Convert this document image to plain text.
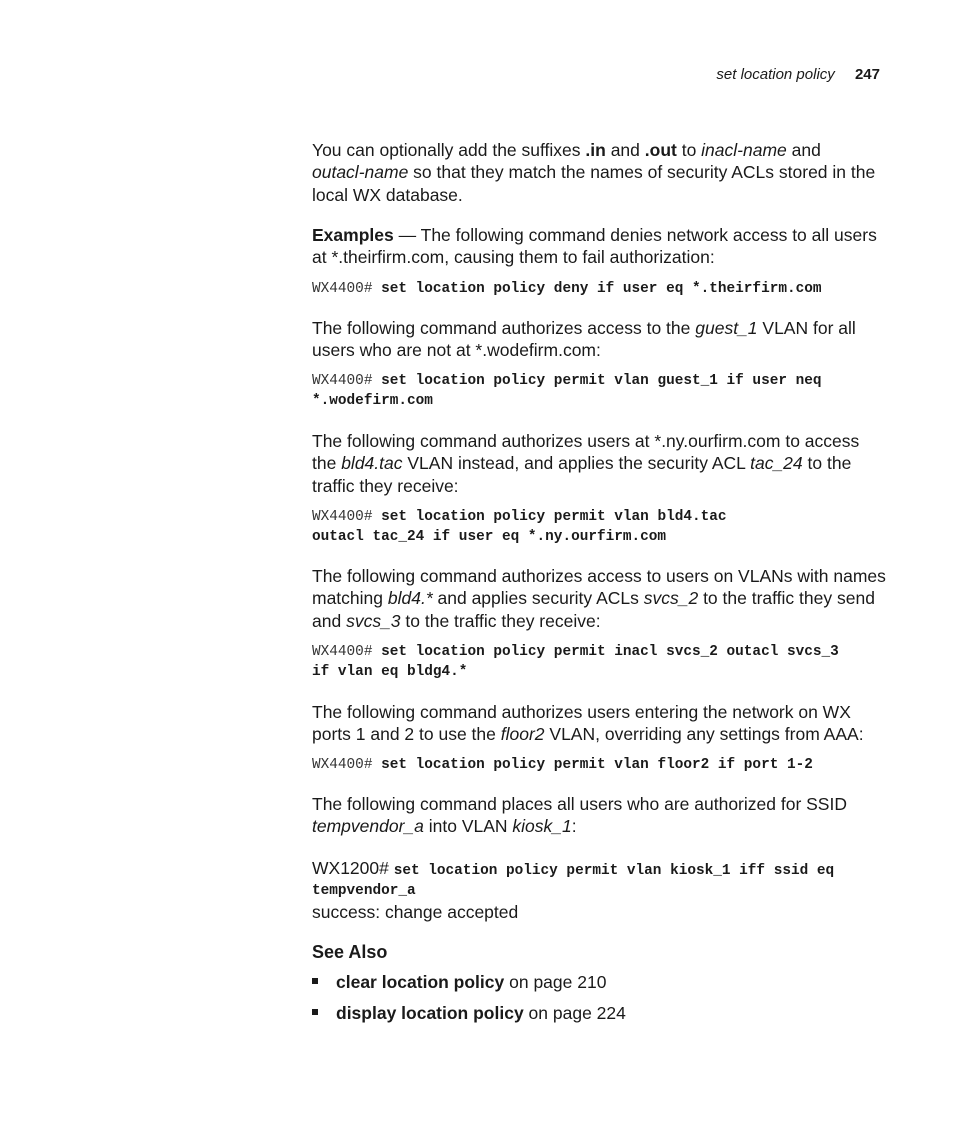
set location policy 247

You can optionally add the suffixes .in and .out to inacl-name and
outacl-name so that they match the names of security ACLs stored in the
local WX database.

Examples — The following command denies network access to all users
at *.theirfirm.com, causing them to fail authorization:

WX4400# set location policy deny if user eq *.theirfirm.com

The following command authorizes access to the guest_1 VLAN for all
users who are not at *.wodefirm.com:

WX4400# set location policy permit vlan guest_1 if user neq
*.wodefirm.com

The following command authorizes users at *.ny.ourfirm.com to access
the bld4.tac VLAN instead, and applies the security ACL tac_24 to the
traffic they receive:

WX4400# set location policy permit vlan bld4.tac
outacl tac_24 if user eq *.ny.ourfirm.com

The following command authorizes access to users on VLANs with names
matching bld4.* and applies security ACLs svcs_2 to the traffic they send
and svcs_3 to the traffic they receive:

WX4400# set location policy permit inacl svcs_2 outacl svcs_3
if vlan eq bldg4.*

The following command authorizes users entering the network on WX
ports 1 and 2 to use the floor2 VLAN, overriding any settings from AAA:

WX4400# set location policy permit vlan floor2 if port 1-2

The following command places all users who are authorized for SSID
tempvendor_a into VLAN kiosk_1:

WX1200# set location policy permit vlan kiosk_1 iff ssid eq
tempvendor_a

success: change accepted

See Also
clear location policy on page 210
display location policy on page 224
